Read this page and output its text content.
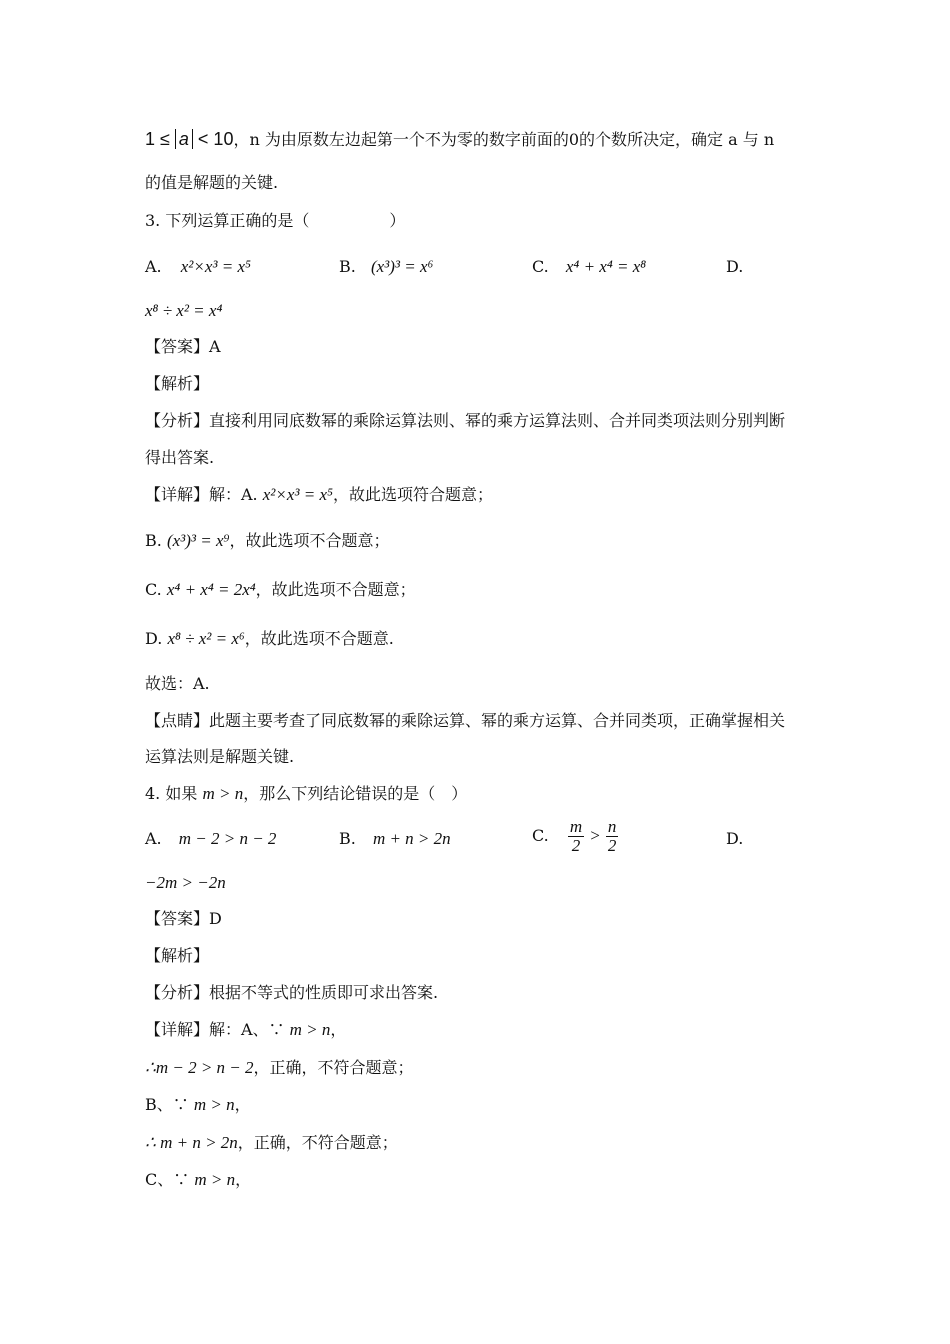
1 ≤ a < 10，n 为由原数左边起第一个不为零的数字前面的0的个数所决定，确定 a 与 n
的值是解题的关键.
3. 下列运算正确的是（　　　　　）
A. x²×x³ = x⁵	B. (x³)³ = x⁶	C. x⁴ + x⁴ = x⁸	D.
x⁸ ÷ x² = x⁴
【答案】A
【解析】
【分析】直接利用同底数幂的乘除运算法则、幂的乘方运算法则、合并同类项法则分别判断
得出答案.
【详解】解：A. x²×x³ = x⁵，故此选项符合题意；
B. (x³)³ = x⁹，故此选项不合题意；
C. x⁴ + x⁴ = 2x⁴，故此选项不合题意；
D. x⁸ ÷ x² = x⁶，故此选项不合题意.
故选：A.
【点睛】此题主要考查了同底数幂的乘除运算、幂的乘方运算、合并同类项，正确掌握相关
运算法则是解题关键.
4. 如果 m > n，那么下列结论错误的是（　）
A. m − 2 > n − 2	B. m + n > 2n	C. $\frac{m}{2} > \frac{n}{2}$	D.
−2m > −2n
【答案】D
【解析】
【分析】根据不等式的性质即可求出答案.
【详解】解：A、∵ m > n，
∴m − 2 > n − 2，正确，不符合题意；
B、∵ m > n，
∴ m + n > 2n，正确，不符合题意；
C、∵ m > n，
